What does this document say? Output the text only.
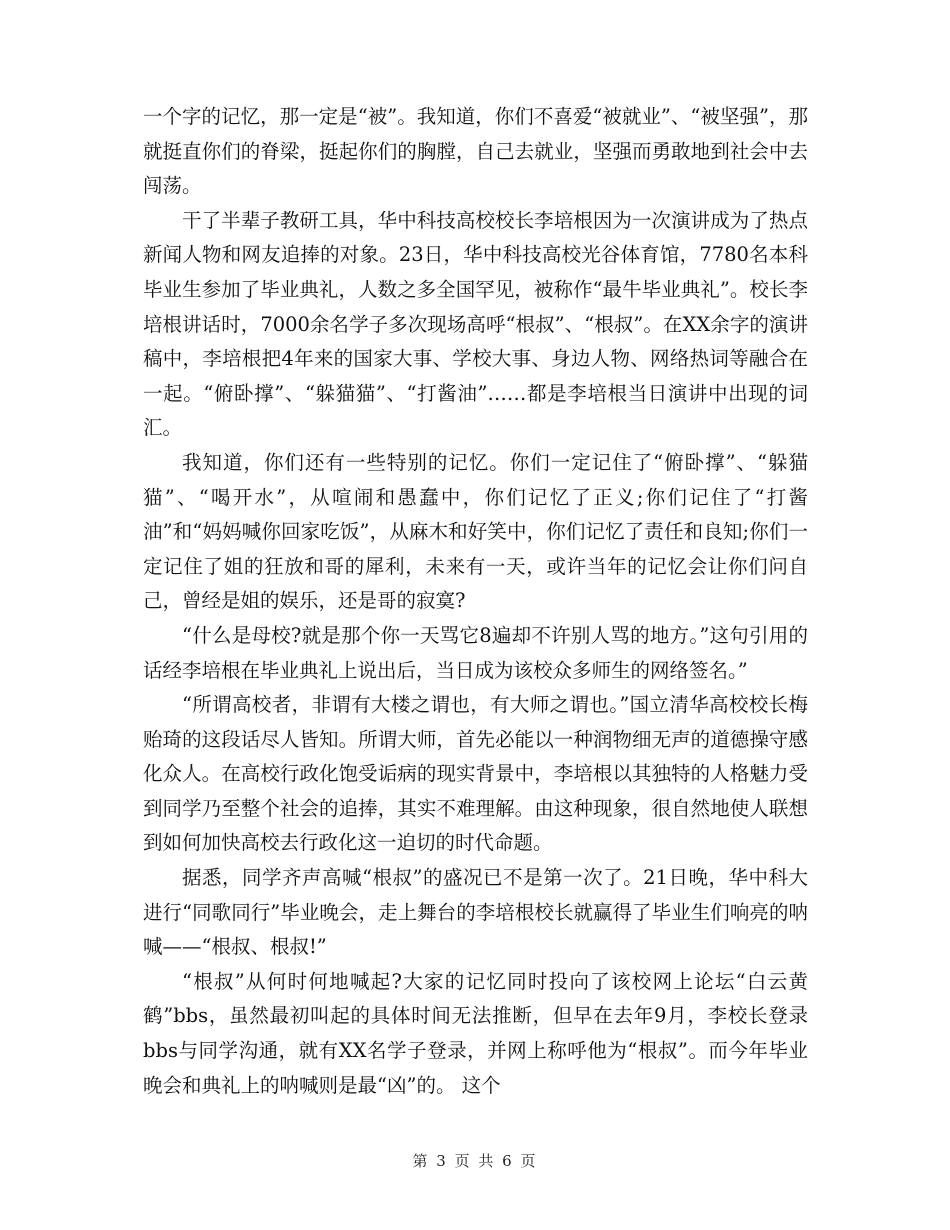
一个字的记忆，那一定是“被”。我知道，你们不喜爱“被就业”、“被坚强”，那就挺直你们的脊梁，挺起你们的胸膛，自己去就业，坚强而勇敢地到社会中去闯荡。

干了半辈子教研工具，华中科技高校校长李培根因为一次演讲成为了热点新闻人物和网友追捧的对象。23日，华中科技高校光谷体育馆，7780名本科毕业生参加了毕业典礼，人数之多全国罕见，被称作“最牛毕业典礼”。校长李培根讲话时，7000余名学子多次现场高呼“根叔”、“根叔”。在XX余字的演讲稿中，李培根把4年来的国家大事、学校大事、身边人物、网络热词等融合在一起。“俯卧撑”、“躲猫猫”、“打酱油”……都是李培根当日演讲中出现的词汇。

我知道，你们还有一些特别的记忆。你们一定记住了“俯卧撑”、“躲猫猫”、“喝开水”，从喧闹和愚蠢中，你们记忆了正义;你们记住了“打酱油”和“妈妈喊你回家吃饭”，从麻木和好笑中，你们记忆了责任和良知;你们一定记住了姐的狂放和哥的犀利，未来有一天，或许当年的记忆会让你们问自己，曾经是姐的娱乐，还是哥的寂寞?

“什么是母校?就是那个你一天骂它8遍却不许别人骂的地方。”这句引用的话经李培根在毕业典礼上说出后，当日成为该校众多师生的网络签名。”

“所谓高校者，非谓有大楼之谓也，有大师之谓也。”国立清华高校校长梅贻琦的这段话尽人皆知。所谓大师，首先必能以一种润物细无声的道德操守感化众人。在高校行政化饱受诟病的现实背景中，李培根以其独特的人格魅力受到同学乃至整个社会的追捧，其实不难理解。由这种现象，很自然地使人联想到如何加快高校去行政化这一迫切的时代命题。

据悉，同学齐声高喊“根叔”的盛况已不是第一次了。21日晚，华中科大进行“同歌同行”毕业晚会，走上舞台的李培根校长就赢得了毕业生们响亮的呐喊——“根叔、根叔!”

“根叔”从何时何地喊起?大家的记忆同时投向了该校网上论坛“白云黄鹤”bbs，虽然最初叫起的具体时间无法推断，但早在去年9月，李校长登录bbs与同学沟通，就有XX名学子登录，并网上称呼他为“根叔”。而今年毕业晚会和典礼上的呐喊则是最“凶”的。 这个

第 3 页 共 6 页
